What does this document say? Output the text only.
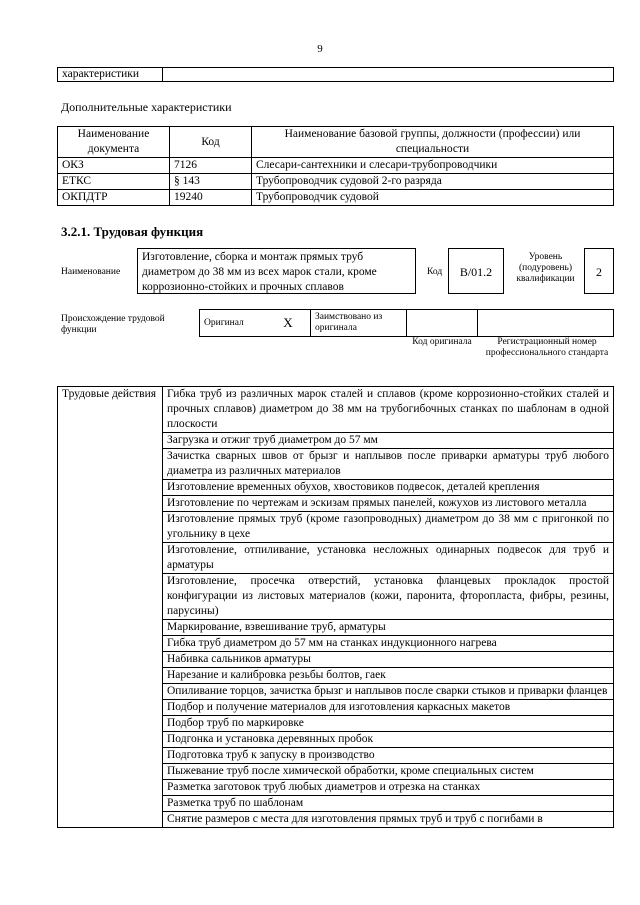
9
характеристики	
Дополнительные характеристики
Наименование документа	Код	Наименование базовой группы, должности (профессии) или специальности
ОКЗ	7126	Слесари-сантехники и слесари-трубопроводчики
ЕТКС	§ 143	Трубопроводчик судовой 2-го разряда
ОКПДТР	19240	Трубопроводчик судовой
3.2.1. Трудовая функция
Наименование
Изготовление, сборка и монтаж прямых труб диаметром до 38 мм из всех марок стали, кроме коррозионно-стойких и прочных сплавов
Код	B/01.2
Уровень (подуровень) квалификации	2
Происхождение трудовой функции
Оригинал	X	Заимствовано из оригинала		
Код оригинала	Регистрационный номер профессионального стандарта
Трудовые действия	Гибка труб из различных марок сталей и сплавов (кроме коррозионно-стойких сталей и прочных сплавов) диаметром до 38 мм на трубогибочных станках по шаблонам в одной плоскости
Загрузка и отжиг труб диаметром до 57 мм
Зачистка сварных швов от брызг и наплывов после приварки арматуры труб любого диаметра из различных материалов
Изготовление временных обухов, хвостовиков подвесок, деталей крепления
Изготовление по чертежам и эскизам прямых панелей, кожухов из листового металла
Изготовление прямых труб (кроме газопроводных) диаметром до 38 мм с пригонкой по угольнику в цехе
Изготовление, отпиливание, установка несложных одинарных подвесок для труб и арматуры
Изготовление, просечка отверстий, установка фланцевых прокладок простой конфигурации из листовых материалов (кожи, паронита, фторопласта, фибры, резины, парусины)
Маркирование, взвешивание труб, арматуры
Гибка труб диаметром до 57 мм на станках индукционного нагрева
Набивка сальников арматуры
Нарезание и калибровка резьбы болтов, гаек
Опиливание торцов, зачистка брызг и наплывов после сварки стыков и приварки фланцев
Подбор и получение материалов для изготовления каркасных макетов
Подбор труб по маркировке
Подгонка и установка деревянных пробок
Подготовка труб к запуску в производство
Пыжевание труб после химической обработки, кроме специальных систем
Разметка заготовок труб любых диаметров и отрезка на станках
Разметка труб по шаблонам
Снятие размеров с места для изготовления прямых труб и труб с погибами в
